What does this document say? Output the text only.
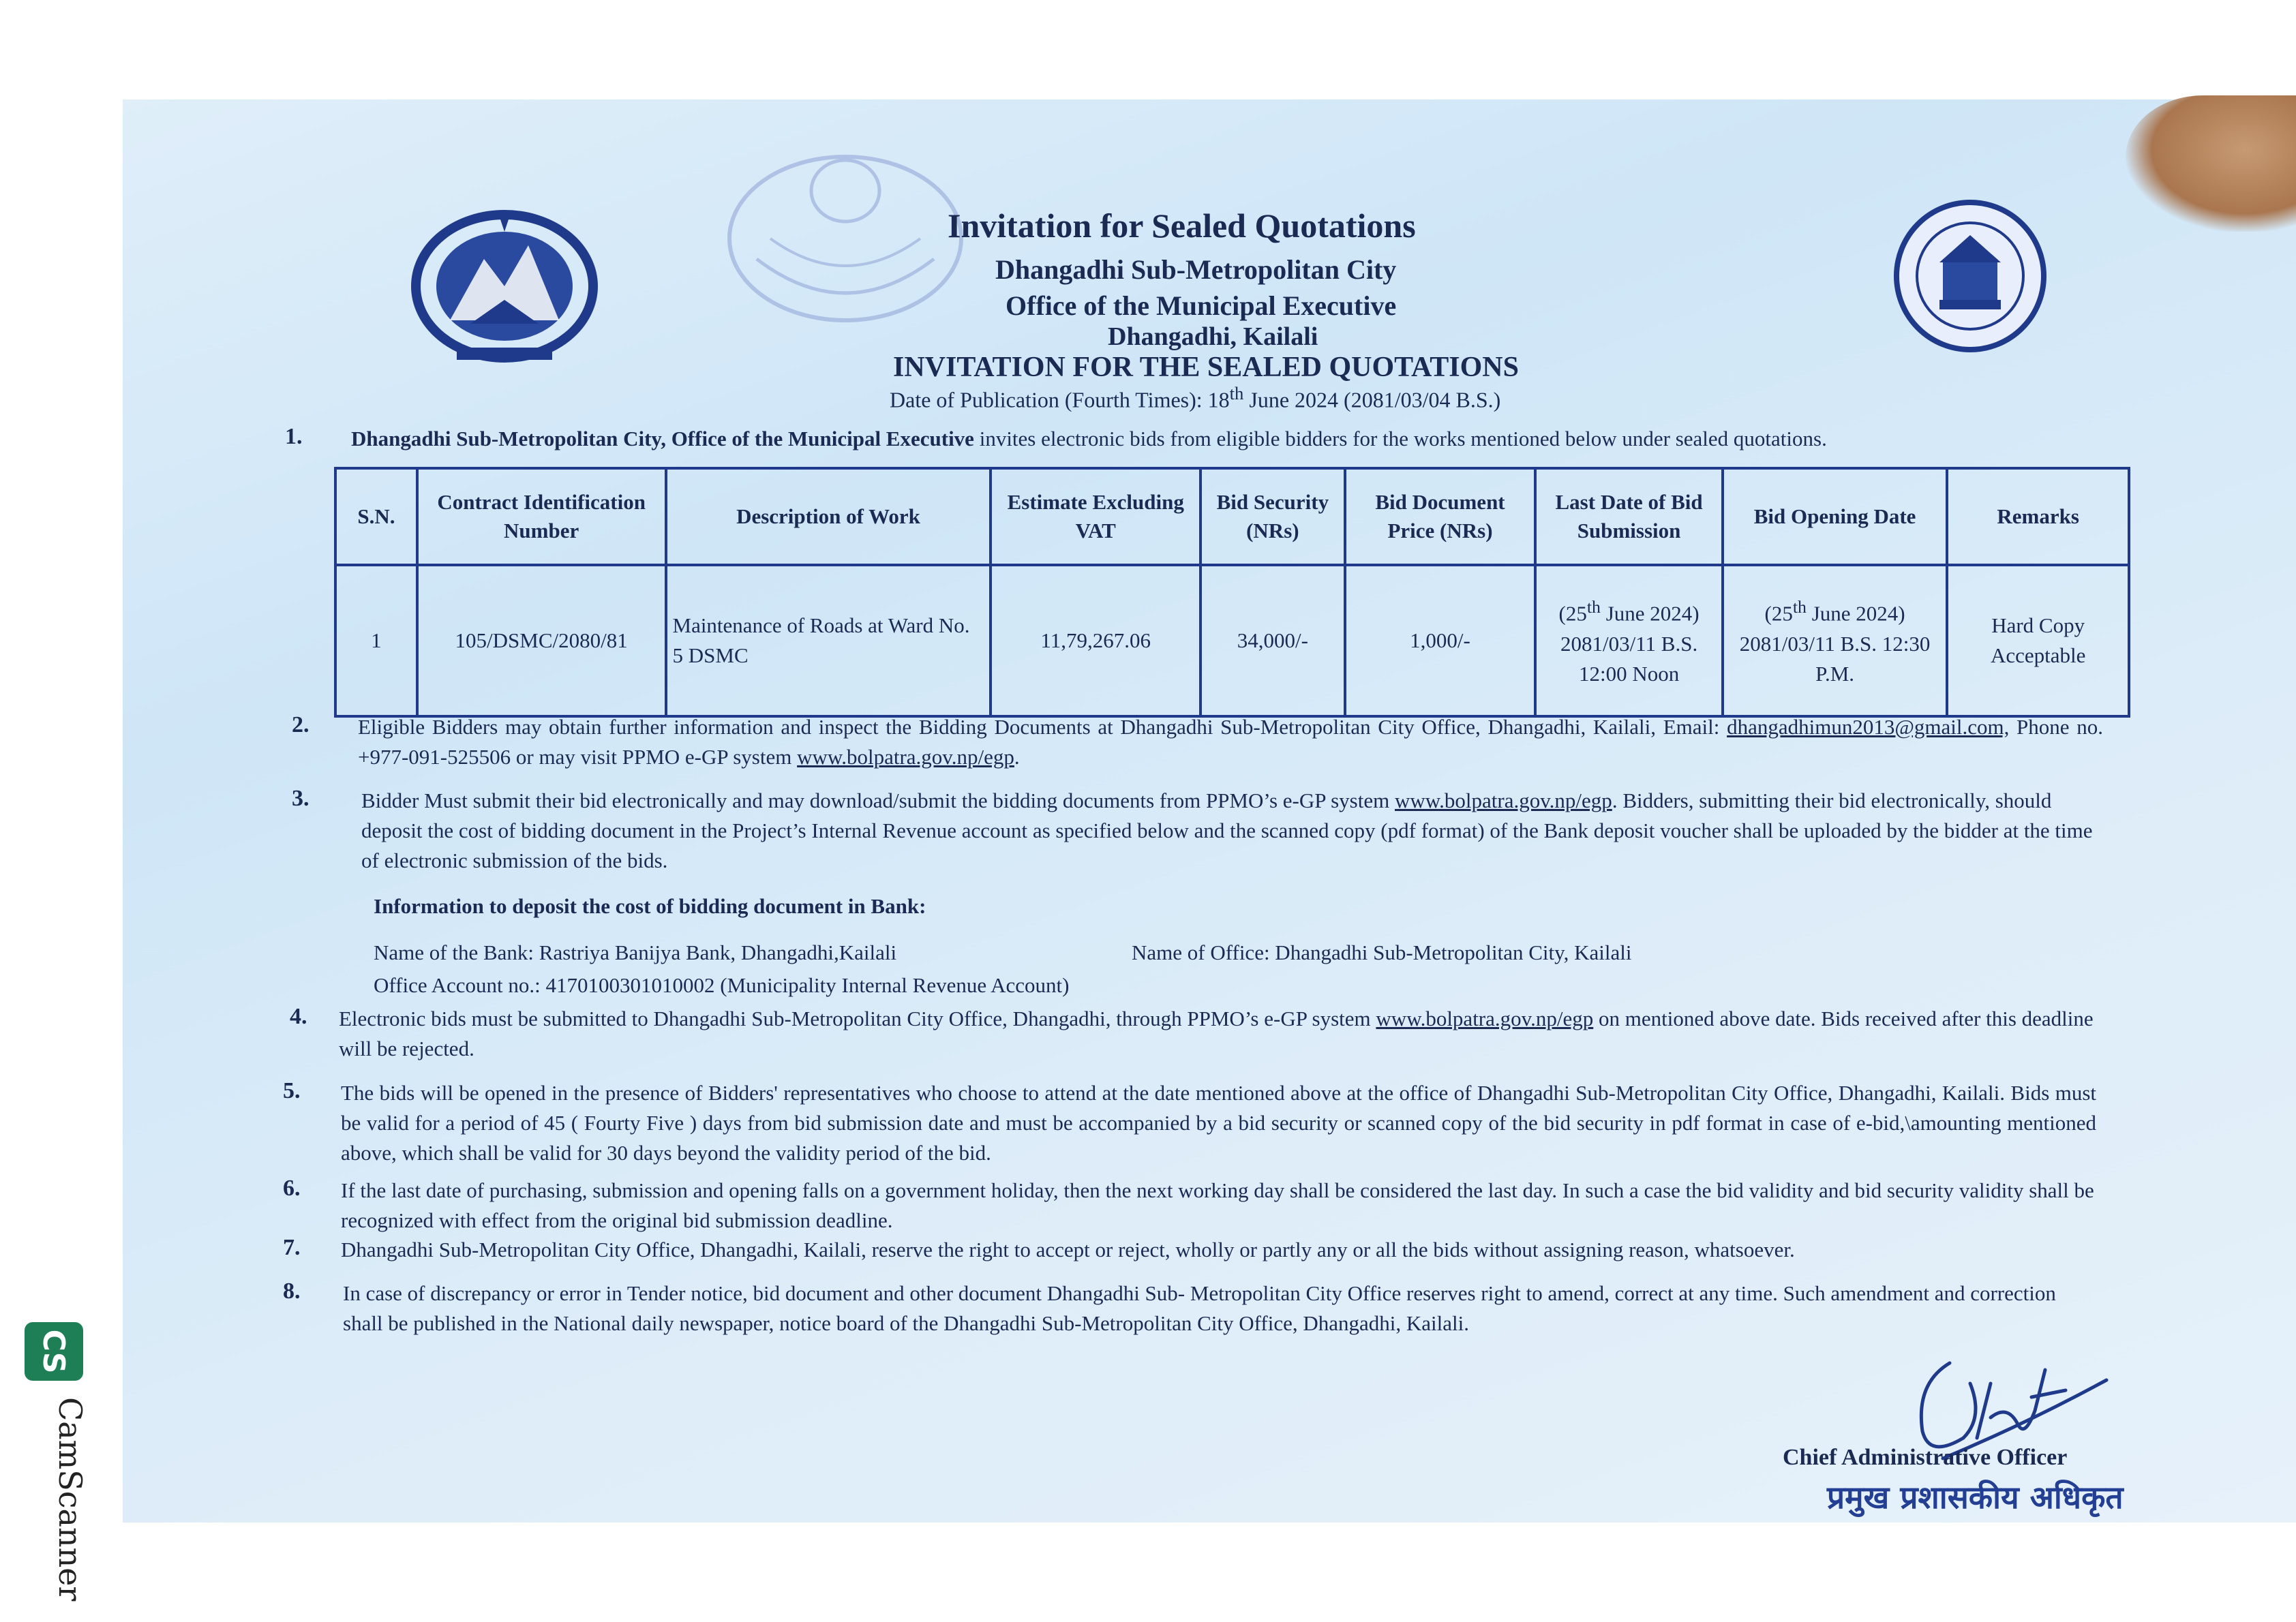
Invitation for Sealed Quotations
Dhangadhi Sub-Metropolitan City
Office of the Municipal Executive
Dhangadhi, Kailali
INVITATION FOR THE SEALED QUOTATIONS
Date of Publication (Fourth Times): 18th June 2024 (2081/03/04 B.S.)
1. Dhangadhi Sub-Metropolitan City, Office of the Municipal Executive invites electronic bids from eligible bidders for the works mentioned below under sealed quotations.
S.N.	Contract Identification Number	Description of Work	Estimate Excluding VAT	Bid Security (NRs)	Bid Document Price (NRs)	Last Date of Bid Submission	Bid Opening Date	Remarks
1	105/DSMC/2080/81	Maintenance of Roads at Ward No. 5 DSMC	11,79,267.06	34,000/-	1,000/-	(25th June 2024) 2081/03/11 B.S. 12:00 Noon	(25th June 2024) 2081/03/11 B.S. 12:30 P.M.	Hard Copy Acceptable
2. Eligible Bidders may obtain further information and inspect the Bidding Documents at Dhangadhi Sub-Metropolitan City Office, Dhangadhi, Kailali, Email: dhangadhimun2013@gmail.com, Phone no. +977-091-525506 or may visit PPMO e-GP system www.bolpatra.gov.np/egp.
3. Bidder Must submit their bid electronically and may download/submit the bidding documents from PPMO’s e-GP system www.bolpatra.gov.np/egp. Bidders, submitting their bid electronically, should deposit the cost of bidding document in the Project’s Internal Revenue account as specified below and the scanned copy (pdf format) of the Bank deposit voucher shall be uploaded by the bidder at the time of electronic submission of the bids.
Information to deposit the cost of bidding document in Bank:
Name of the Bank: Rastriya Banijya Bank, Dhangadhi,Kailali	Name of Office: Dhangadhi Sub-Metropolitan City, Kailali
Office Account no.: 4170100301010002 (Municipality Internal Revenue Account)
4. Electronic bids must be submitted to Dhangadhi Sub-Metropolitan City Office, Dhangadhi, through PPMO’s e-GP system www.bolpatra.gov.np/egp on mentioned above date. Bids received after this deadline will be rejected.
5. The bids will be opened in the presence of Bidders' representatives who choose to attend at the date mentioned above at the office of Dhangadhi Sub-Metropolitan City Office, Dhangadhi, Kailali. Bids must be valid for a period of 45 ( Fourty Five ) days from bid submission date and must be accompanied by a bid security or scanned copy of the bid security in pdf format in case of e-bid,\amounting mentioned above, which shall be valid for 30 days beyond the validity period of the bid.
6. If the last date of purchasing, submission and opening falls on a government holiday, then the next working day shall be considered the last day. In such a case the bid validity and bid security validity shall be recognized with effect from the original bid submission deadline.
7. Dhangadhi Sub-Metropolitan City Office, Dhangadhi, Kailali, reserve the right to accept or reject, wholly or partly any or all the bids without assigning reason, whatsoever.
8. In case of discrepancy or error in Tender notice, bid document and other document Dhangadhi Sub- Metropolitan City Office reserves right to amend, correct at any time. Such amendment and correction shall be published in the National daily newspaper, notice board of the Dhangadhi Sub-Metropolitan City Office, Dhangadhi, Kailali.
Chief Administrative Officer
प्रमुख प्रशासकीय अधिकृत
CS
CamScanner
